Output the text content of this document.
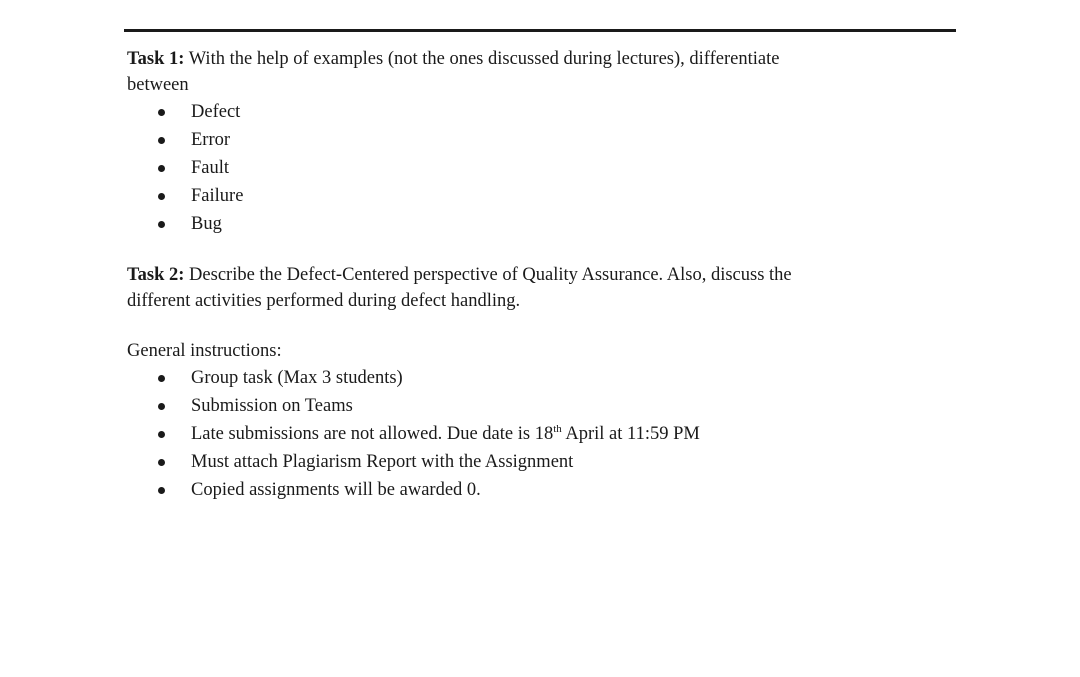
Task 1: With the help of examples (not the ones discussed during lectures), differentiate
between

Defect
Error
Fault
Failure
Bug

Task 2: Describe the Defect-Centered perspective of Quality Assurance. Also, discuss the
different activities performed during defect handling.

General instructions:

Group task (Max 3 students)
Submission on Teams
Late submissions are not allowed. Due date is 18th April at 11:59 PM
Must attach Plagiarism Report with the Assignment
Copied assignments will be awarded 0.
